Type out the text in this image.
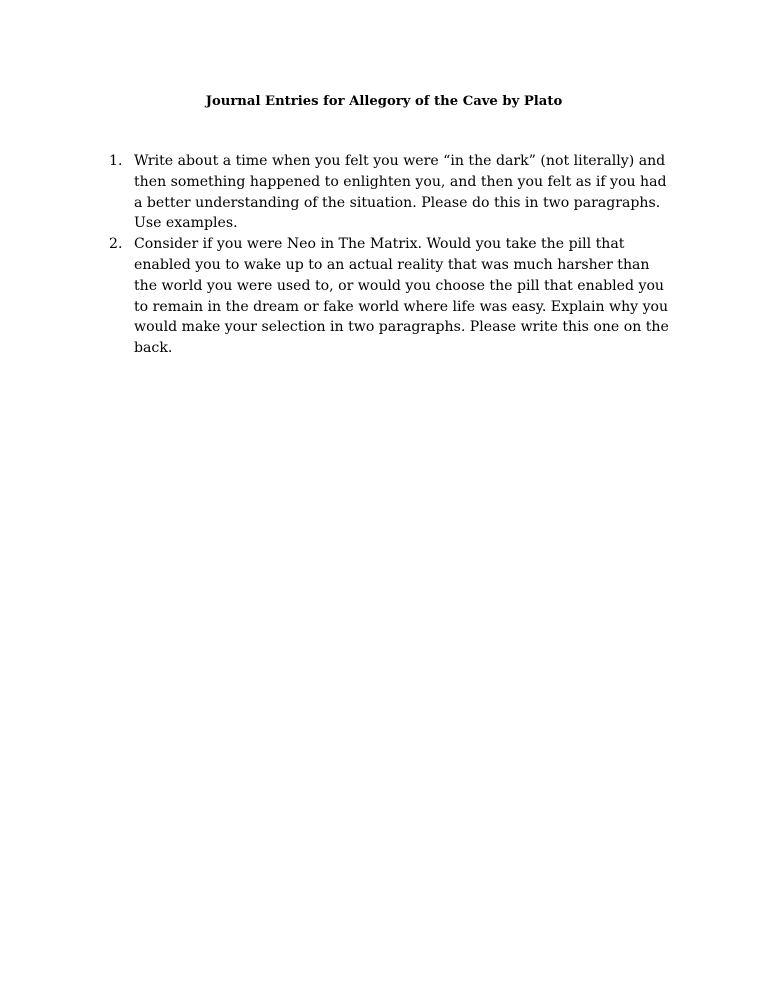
Journal Entries for Allegory of the Cave by Plato
1. Write about a time when you felt you were “in the dark” (not literally) and then something happened to enlighten you, and then you felt as if you had a better understanding of the situation. Please do this in two paragraphs. Use examples.
2. Consider if you were Neo in The Matrix. Would you take the pill that enabled you to wake up to an actual reality that was much harsher than the world you were used to, or would you choose the pill that enabled you to remain in the dream or fake world where life was easy. Explain why you would make your selection in two paragraphs. Please write this one on the back.
